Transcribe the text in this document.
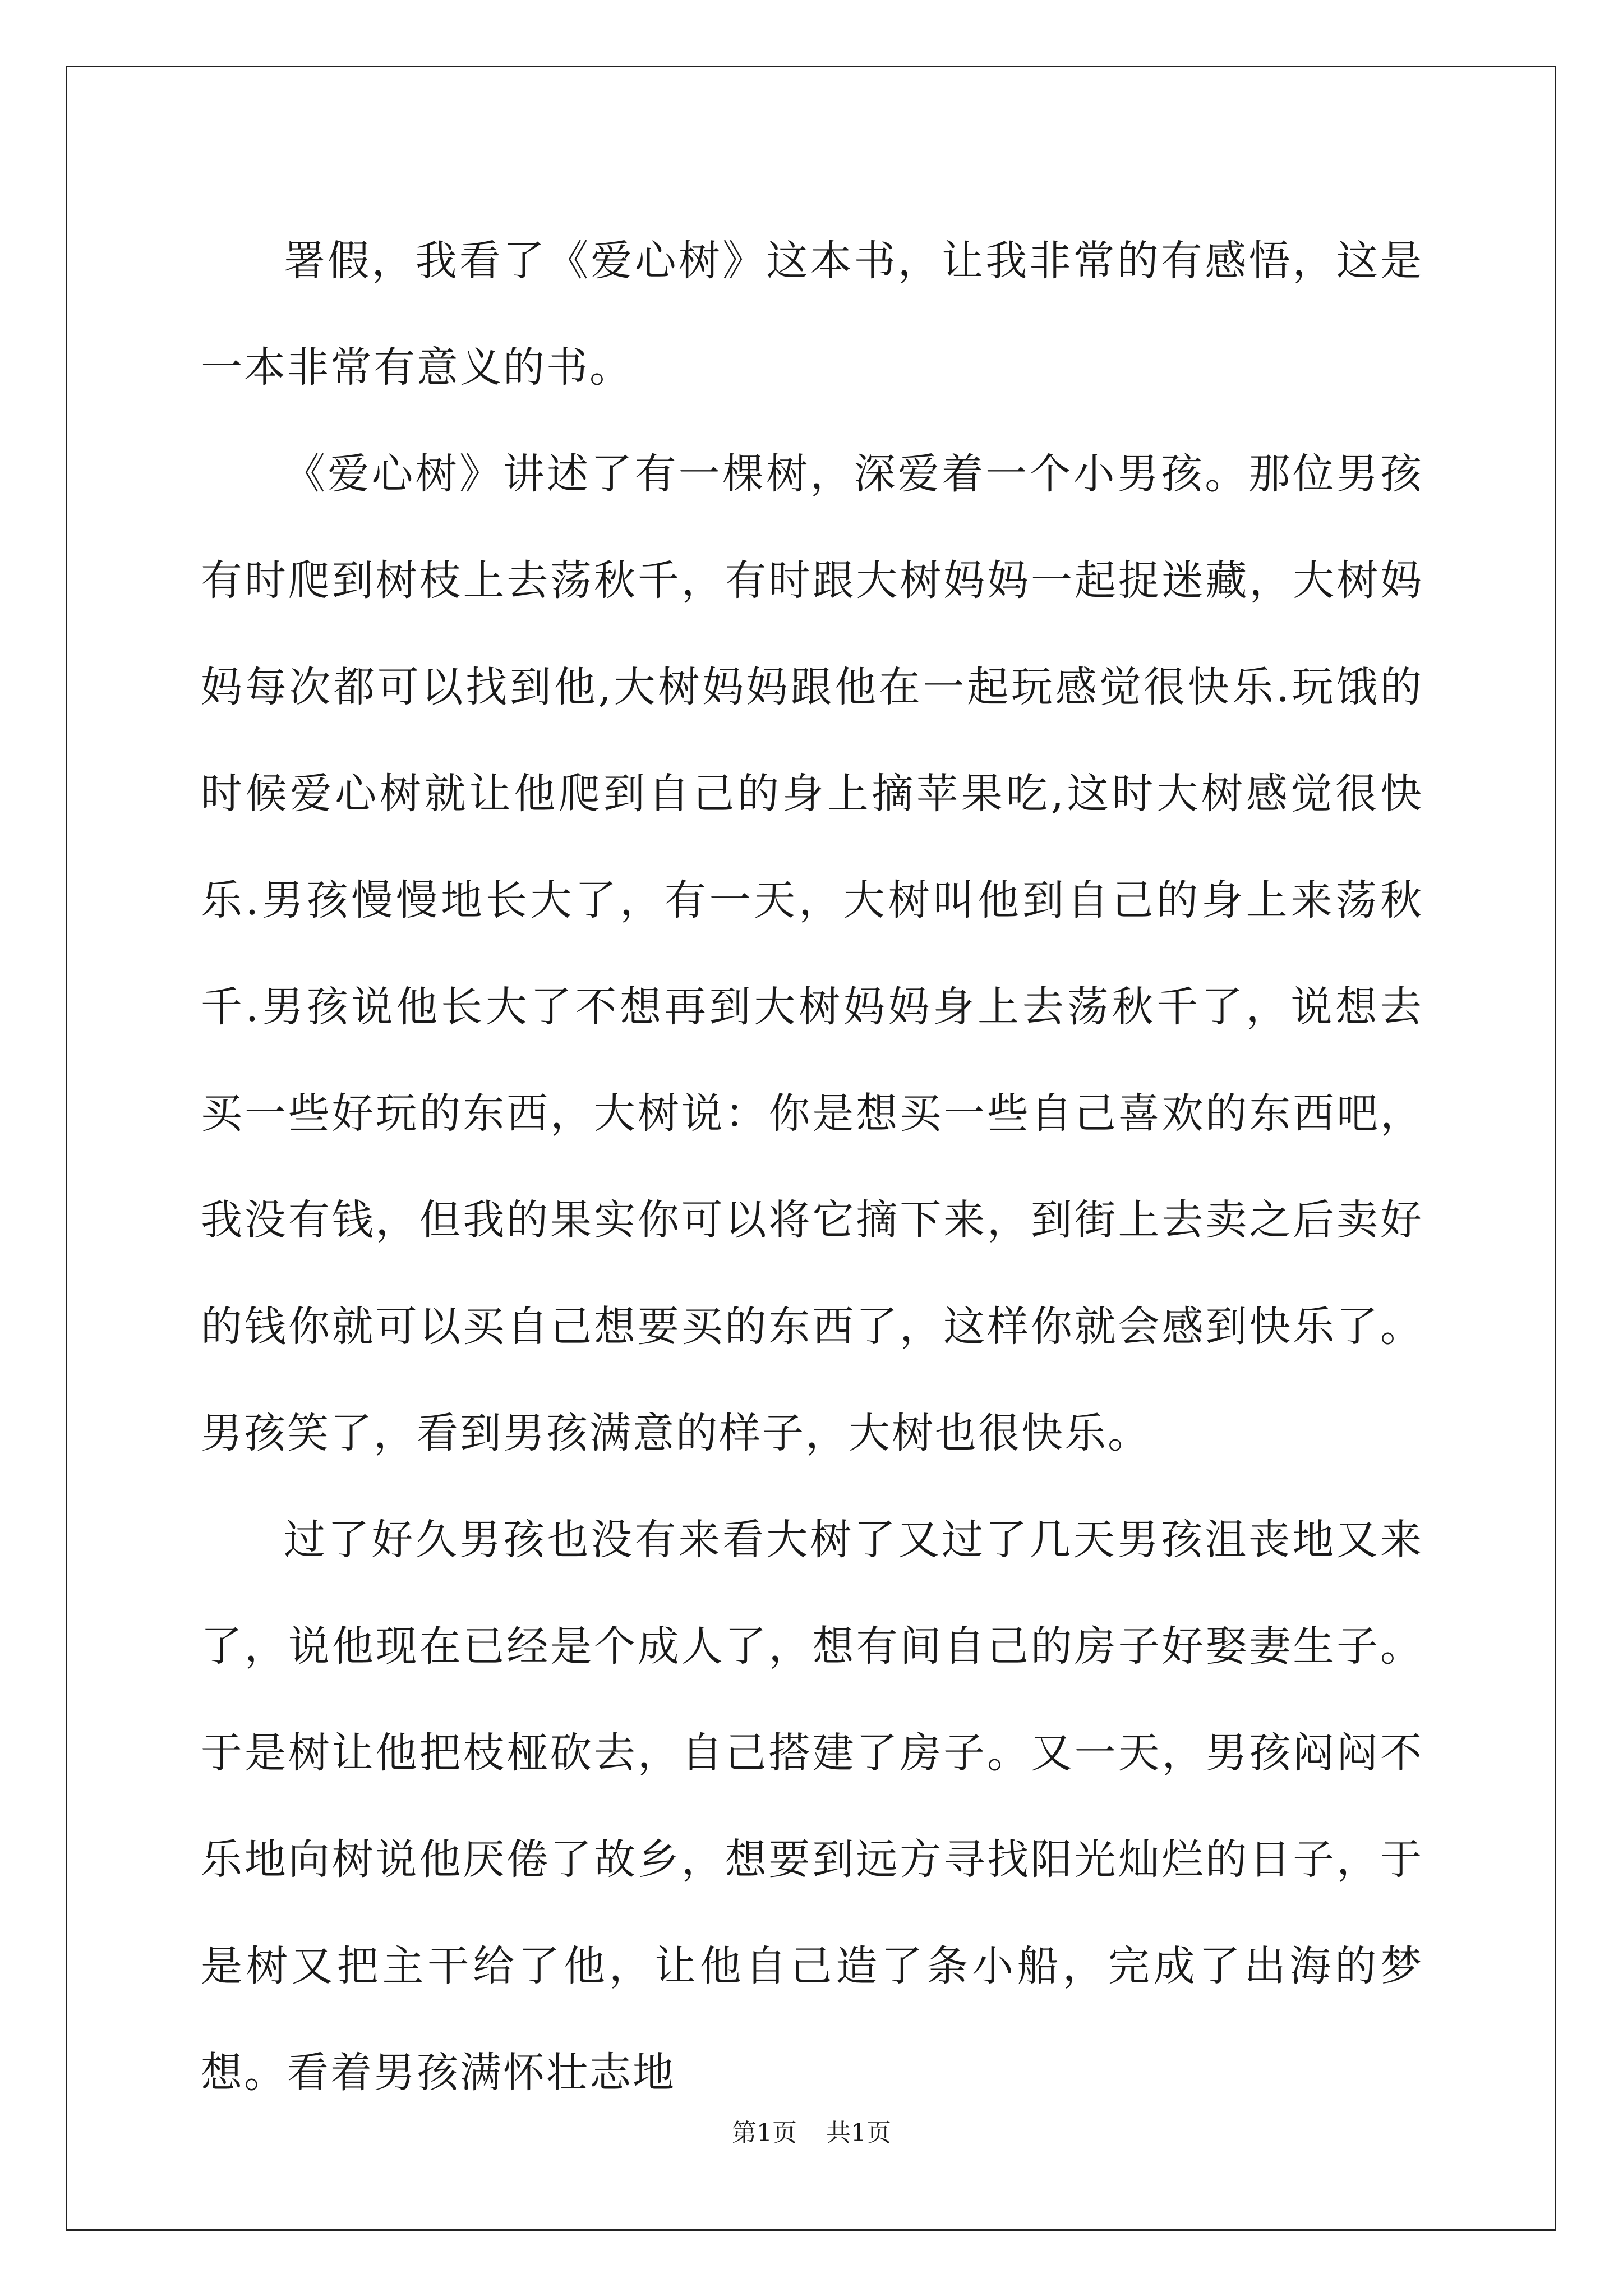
署假，我看了《爱心树》这本书，让我非常的有感悟，这是一本非常有意义的书。

《爱心树》讲述了有一棵树，深爱着一个小男孩。那位男孩有时爬到树枝上去荡秋千，有时跟大树妈妈一起捉迷藏，大树妈妈每次都可以找到他,大树妈妈跟他在一起玩感觉很快乐.玩饿的时候爱心树就让他爬到自己的身上摘苹果吃,这时大树感觉很快乐.男孩慢慢地长大了，有一天，大树叫他到自己的身上来荡秋千.男孩说他长大了不想再到大树妈妈身上去荡秋千了，说想去买一些好玩的东西，大树说：你是想买一些自己喜欢的东西吧，我没有钱，但我的果实你可以将它摘下来，到街上去卖之后卖好的钱你就可以买自己想要买的东西了，这样你就会感到快乐了。男孩笑了，看到男孩满意的样子，大树也很快乐。

过了好久男孩也没有来看大树了又过了几天男孩沮丧地又来了，说他现在已经是个成人了，想有间自己的房子好娶妻生子。于是树让他把枝桠砍去，自己搭建了房子。又一天，男孩闷闷不乐地向树说他厌倦了故乡，想要到远方寻找阳光灿烂的日子，于是树又把主干给了他，让他自己造了条小船，完成了出海的梦想。看着男孩满怀壮志地

第1页 共1页
